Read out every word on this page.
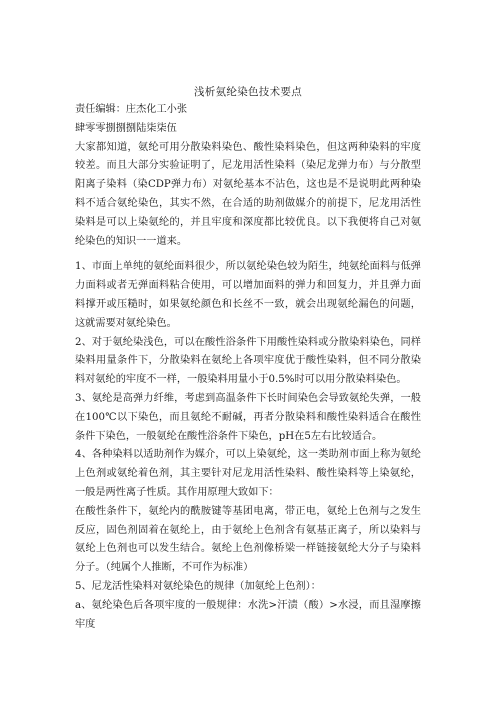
浅析氨纶染色技术要点

责任编辑：庄杰化工小张

肆零零捌捌捌陆柒柒伍

大家都知道，氨纶可用分散染料染色、酸性染料染色，但这两种染料的牢度较差。而且大部分实验证明了，尼龙用活性染料（染尼龙弹力布）与分散型阳离子染料（染CDP弹力布）对氨纶基本不沾色，这也是不是说明此两种染料不适合氨纶染色，其实不然，在合适的助剂做媒介的前提下，尼龙用活性染料是可以上染氨纶的，并且牢度和深度都比较优良。以下我便将自己对氨纶染色的知识一一道来。

1、市面上单纯的氨纶面料很少，所以氨纶染色较为陌生，纯氨纶面料与低弹力面料或者无弹面料粘合使用，可以增加面料的弹力和回复力，并且弹力面料撑开或压糙时，如果氨纶颜色和长丝不一致，就会出现氨纶漏色的问题，这就需要对氨纶染色。

2、对于氨纶染浅色，可以在酸性浴条件下用酸性染料或分散染料染色，同样染料用量条件下，分散染料在氨纶上各项牢度优于酸性染料，但不同分散染料对氨纶的牢度不一样，一般染料用量小于0.5%时可以用分散染料染色。

3、氨纶是高弹力纤维，考虑到高温条件下长时间染色会导致氨纶失弹，一般在100℃以下染色，而且氨纶不耐碱，再者分散染料和酸性染料适合在酸性条件下染色，一般氨纶在酸性浴条件下染色，pH在5左右比较适合。

4、各种染料以适助剂作为媒介，可以上染氨纶，这一类助剂市面上称为氨纶上色剂或氨纶着色剂，其主要针对尼龙用活性染料、酸性染料等上染氨纶，一般是两性离子性质。其作用原理大致如下：

在酸性条件下，氨纶内的酰胺键等基团电离，带正电，氨纶上色剂与之发生反应，固色剂固着在氨纶上，由于氨纶上色剂含有氨基正离子，所以染料与氨纶上色剂也可以发生结合。氨纶上色剂像桥梁一样链接氨纶大分子与染料分子。（纯属个人推断，不可作为标准）

5、尼龙活性染料对氨纶染色的规律（加氨纶上色剂）：

a、氨纶染色后各项牢度的一般规律：水洗>汗渍（酸）>水浸，而且湿摩擦牢度
